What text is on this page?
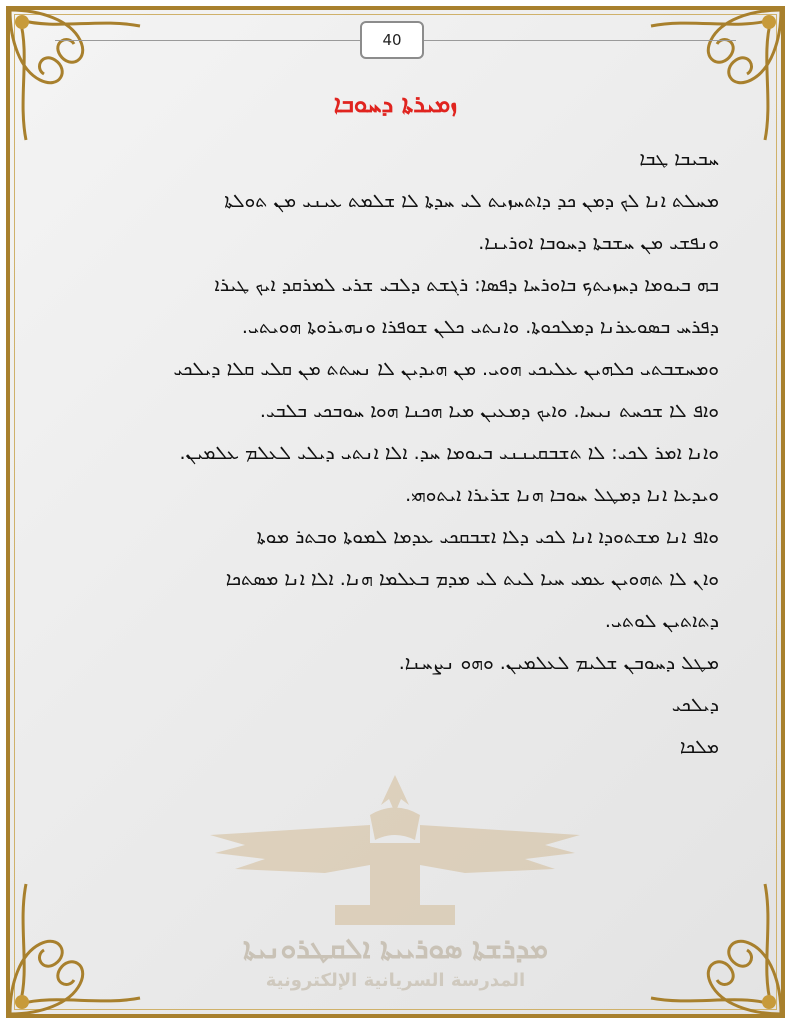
40
ܙܡܝܪܬܐ ܕܚܘܒܐ
ܚܒܝܒܐ ܛܒܐ
ܡܚܠܬ ܐܢܐ ܠܟ ܕܡܢ ܟܕ ܕܐܬܚܙܝܬ ܠܝ ܚܕܬܐ ܠܐ ܫܠܡܬ ܥܝܢܝ ܡܢ ܬܘܠܬܐ
ܘܢܦܫܝ ܡܢ ܚܫܒܬܐ ܕܚܘܒܐ ܐܘܪܝܢܐ.
ܒܗ ܒܝܘܡܐ ܕܚܙܝܬܟ ܒܐܘܪܚܐ ܕܦܣܐ: ܪܓܫܬ ܕܠܒܝ ܫܪܝ ܠܡܪܩܕ ܐܝܟ ܛܝܪܐ
ܕܦܪܚ ܒܣܘܥܪܢܐ ܕܡܠܟܘܬܐ. ܘܐܢܬܝ ܟܠܢ ܫܘܦܪܐ ܘܢܗܝܪܘܬܐ ܗܘܝܬܝ.
ܘܡܚܫܒܬܝ ܟܠܗܝܢ ܥܠܝܟܝ ܗܘܝ. ܡܢ ܗܝܕܝܢ ܠܐ ܢܚܬܬ ܡܢ ܩܠܝ ܩܠܐ ܕܝܠܟܝ
ܘܐܦ ܠܐ ܫܟܚܬ ܢܝܚܐ. ܘܐܝܟ ܕܡܥܝܢ ܡܝܐ ܗܟܢܐ ܗܘܐ ܚܘܒܟܝ ܒܠܒܝ.
ܘܐܢܐ ܐܡܪ ܠܟܝ: ܠܐ ܬܫܒܩܝܢܢܝ ܒܝܘܡܐ ܚܕ. ܐܠܐ ܐܢܬܝ ܕܝܠܝ ܠܥܠܡ ܥܠܡܝܢ.
ܘܝܕܥܐ ܐܢܐ ܕܡܛܠ ܚܘܒܐ ܗܢܐ ܫܪܝܪܐ ܐܝܬܘܗܝ.
ܘܐܦ ܐܢܐ ܡܫܬܘܕܐ ܐܢܐ ܠܟܝ ܕܠܐ ܐܫܒܩܟܝ ܥܕܡܐ ܠܡܘܬܐ ܘܒܬܪ ܡܘܬܐ
ܘܐܢ ܠܐ ܬܗܘܝܢ ܥܡܝ ܚܝܐ ܠܝܬ ܠܝ ܡܕܡ ܒܥܠܡܐ ܗܢܐ. ܐܠܐ ܐܢܐ ܡܣܬܟܐ
ܕܬܐܬܝܢ ܠܘܬܝ.
ܡܛܠ ܕܚܘܒܢ ܫܠܝܡ ܠܥܠܡܝܢ. ܘܗܘ ܢܨܚܢܐ.
ܕܝܠܟܝ
ܡܠܟܐ
ܡܕܪܫܬܐ ܣܘܪܝܝܬܐ ܐܠܩܛܪܘܢܝܬܐ
المدرسة السريانية الإلكترونية
